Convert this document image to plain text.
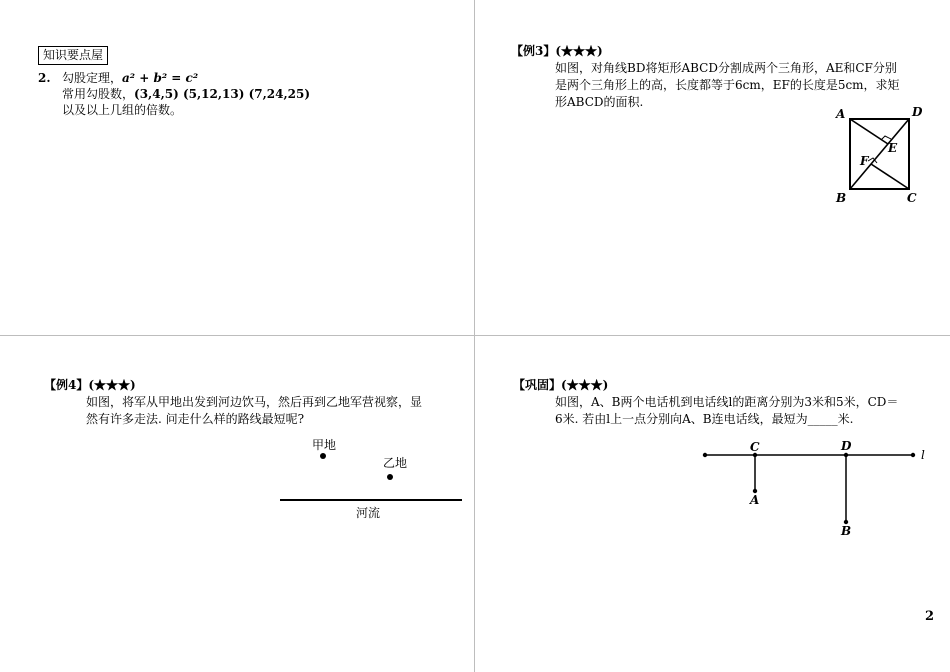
知识要点屋
2. 勾股定理，a² + b² = c²
常用勾股数，(3,4,5) (5,12,13) (7,24,25)
以及以上几组的倍数。
【例3】(★★★)

如图，对角线BD将矩形ABCD分割成两个三角形，AE和CF分别

是两个三角形上的高，长度都等于6cm，EF的长度是5cm，求矩

形ABCD的面积.

A	D
B	C
E
F
【例4】(★★★)

如图，将军从甲地出发到河边饮马，然后再到乙地军营视察，显

然有许多走法. 问走什么样的路线最短呢?

甲地
乙地
河流
【巩固】(★★★)

如图，A、B两个电话机到电话线l的距离分别为3米和5米，CD＝

6米. 若由l上一点分别向A、B连电话线，最短为_____米.

C	D
A
B
l
2
